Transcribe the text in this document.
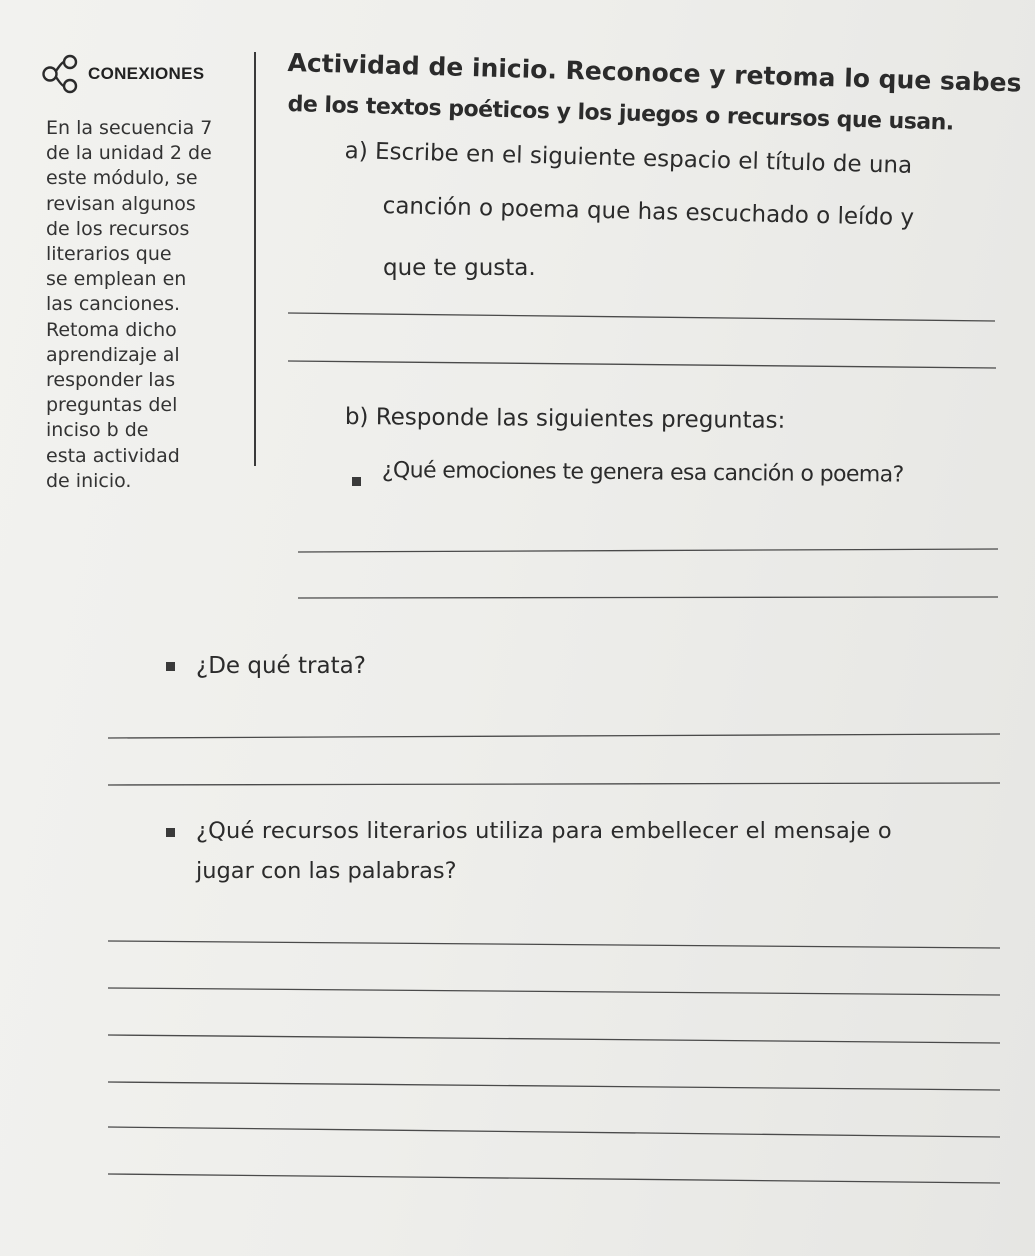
CONEXIONES
En la secuencia 7
de la unidad 2 de
este módulo, se
revisan algunos
de los recursos
literarios que
se emplean en
las canciones.
Retoma dicho
aprendizaje al
responder las
preguntas del
inciso b de
esta actividad
de inicio.
Actividad de inicio. Reconoce y retoma lo que sabes
de los textos poéticos y los juegos o recursos que usan.
a) Escribe en el siguiente espacio el título de una
canción o poema que has escuchado o leído y
que te gusta.
b) Responde las siguientes preguntas:
¿Qué emociones te genera esa canción o poema?
¿De qué trata?
¿Qué recursos literarios utiliza para embellecer el mensaje o
jugar con las palabras?
